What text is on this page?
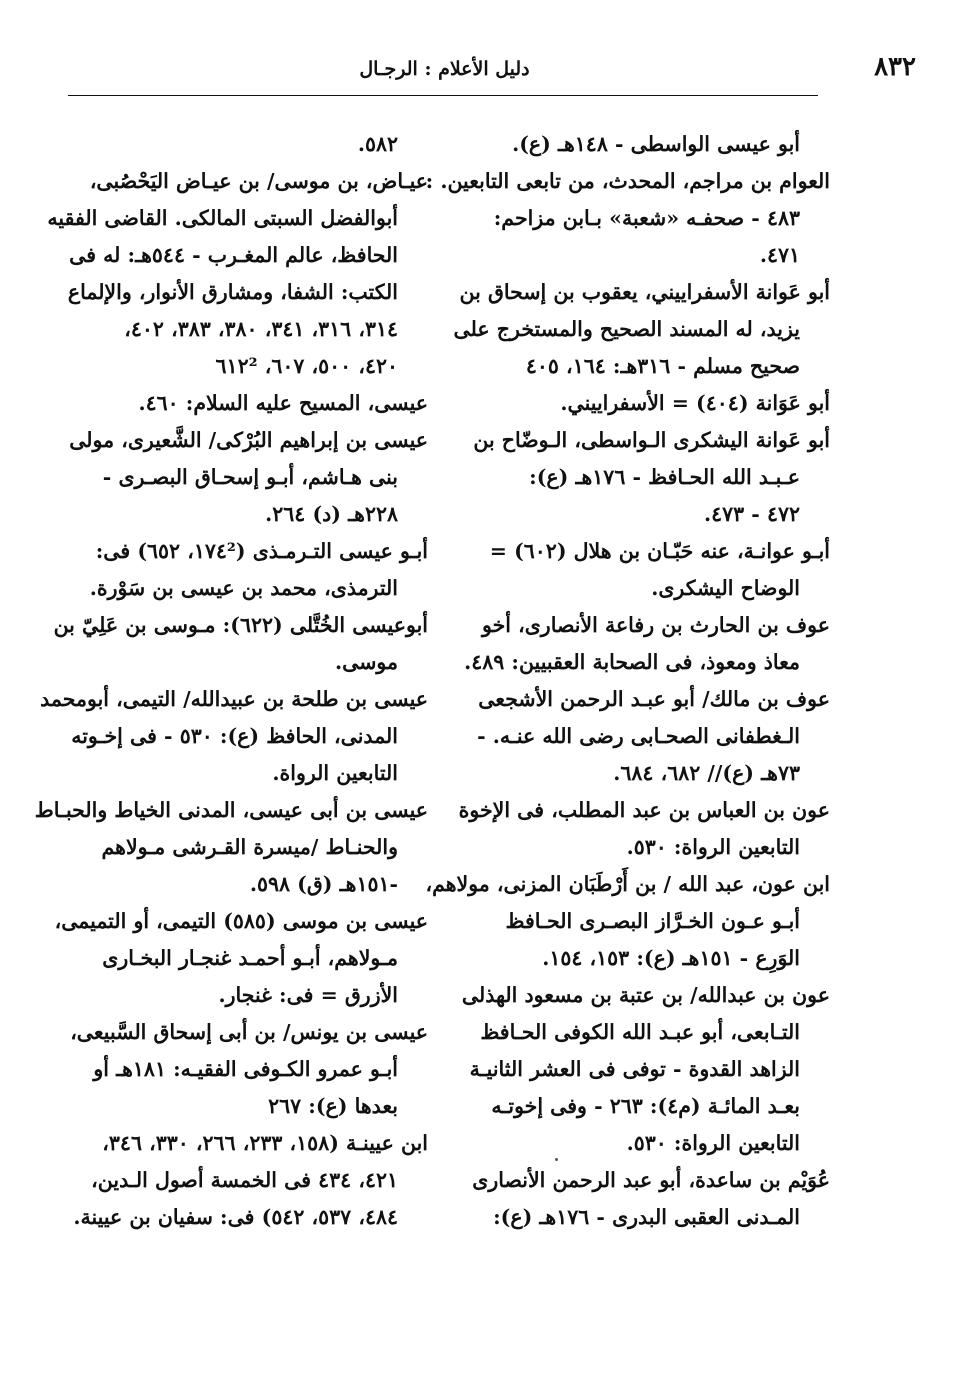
٨٣٢
دليل الأعلام : الرجـال
أبو عيسى الواسطى - ١٤٨هـ (ع).
العوام بن مراجم، المحدث، من تابعى التابعين. :
٤٨٣ - صحفـه «شعبة» بـابن مزاحم:
٤٧١.
أبو عَوانة الأسفراييني، يعقوب بن إسحاق بن
يزيد، له المسند الصحيح والمستخرج على
صحيح مسلم - ٣١٦هـ: ١٦٤، ٤٠٥
أبو عَوَانة (٤٠٤) = الأسفراييني.
أبو عَوانة اليشكرى الـواسطى، الـوضّاح بن
عـبـد الله الحـافظ - ١٧٦هـ (ع):
٤٧٢ - ٤٧٣.
أبـو عوانـة، عنه حَبّـان بن هلال (٦٠٢) =
الوضاح اليشكرى.
عوف بن الحارث بن رفاعة الأنصارى، أخو
معاذ ومعوذ، فى الصحابة العقبيين: ٤٨٩.
عوف بن مالك/ أبو عبـد الرحمن الأشجعى
الـغطفانى الصحـابى رضى الله عنـه. -
٧٣هـ (ع)// ٦٨٢، ٦٨٤.
عون بن العباس بن عبد المطلب، فى الإخوة
التابعين الرواة: ٥٣٠.
ابن عون، عبد الله / بن أَرْطَبَان المزنى، مولاهم،
أبـو عـون الخـرَّاز البصـرى الحـافظ
الوَرِع - ١٥١هـ (ع): ١٥٣، ١٥٤.
عون بن عبدالله/ بن عتبة بن مسعود الهذلى
التـابعى، أبو عبـد الله الكوفى الحـافظ
الزاهد القدوة - توفى فى العشر الثانيـة
بعـد المائـة (م٤): ٢٦٣ - وفى إخوتـه
التابعين الرواة: ٥٣٠.
عُوَيْم بن ساعدة، أبو عبد الرحمن الأنصارى
المـدنى العقبى البدرى - ١٧٦هـ (ع):
٥٨٢.
عيـاض، بن موسى/ بن عيـاض اليَحْصُبى،
أبوالفضل السبتى المالكى. القاضى الفقيه
الحافظ، عالم المغـرب - ٥٤٤هـ: له فى
الكتب: الشفا، ومشارق الأنوار، والإلماع
٣١٤، ٣١٦، ٣٤١، ٣٨٠، ٣٨٣، ٤٠٢،
٤٢٠، ٥٠٠، ٦٠٧، ٦١٢²
عيسى، المسيح عليه السلام: ٤٦٠.
عيسى بن إبراهيم البُرْكى/ الشَّعيرى، مولى
بنى هـاشم، أبـو إسحـاق البصـرى -
٢٢٨هـ (د) ٢٦٤.
أبـو عيسى التـرمـذى (١٧٤²، ٦٥٢) فى:
الترمذى، محمد بن عيسى بن سَوْرة.
أبوعيسى الخُتَّلى (٦٢٢): مـوسى بن عَلِيّ بن
موسى.
عيسى بن طلحة بن عبيدالله/ التيمى، أبومحمد
المدنى، الحافظ (ع): ٥٣٠ - فى إخـوته
التابعين الرواة.
عيسى بن أبى عيسى، المدنى الخياط والحبـاط
والحنـاط /ميسرة القـرشى مـولاهم
-١٥١هـ (ق) ٥٩٨.
عيسى بن موسى (٥٨٥) التيمى، أو التميمى،
مـولاهم، أبـو أحمـد غنجـار البخـارى
الأزرق = فى: غنجار.
عيسى بن يونس/ بن أبى إسحاق السَّبيعى،
أبـو عمرو الكـوفى الفقيـه: ١٨١هـ أو
بعدها (ع): ٢٦٧
ابن عيينـة (١٥٨، ٢٣٣، ٢٦٦، ٣٣٠، ٣٤٦،
٤٢١، ٤٣٤ فى الخمسة أصول الـدين،
٤٨٤، ٥٣٧، ٥٤٢) فى: سفيان بن عيينة.
